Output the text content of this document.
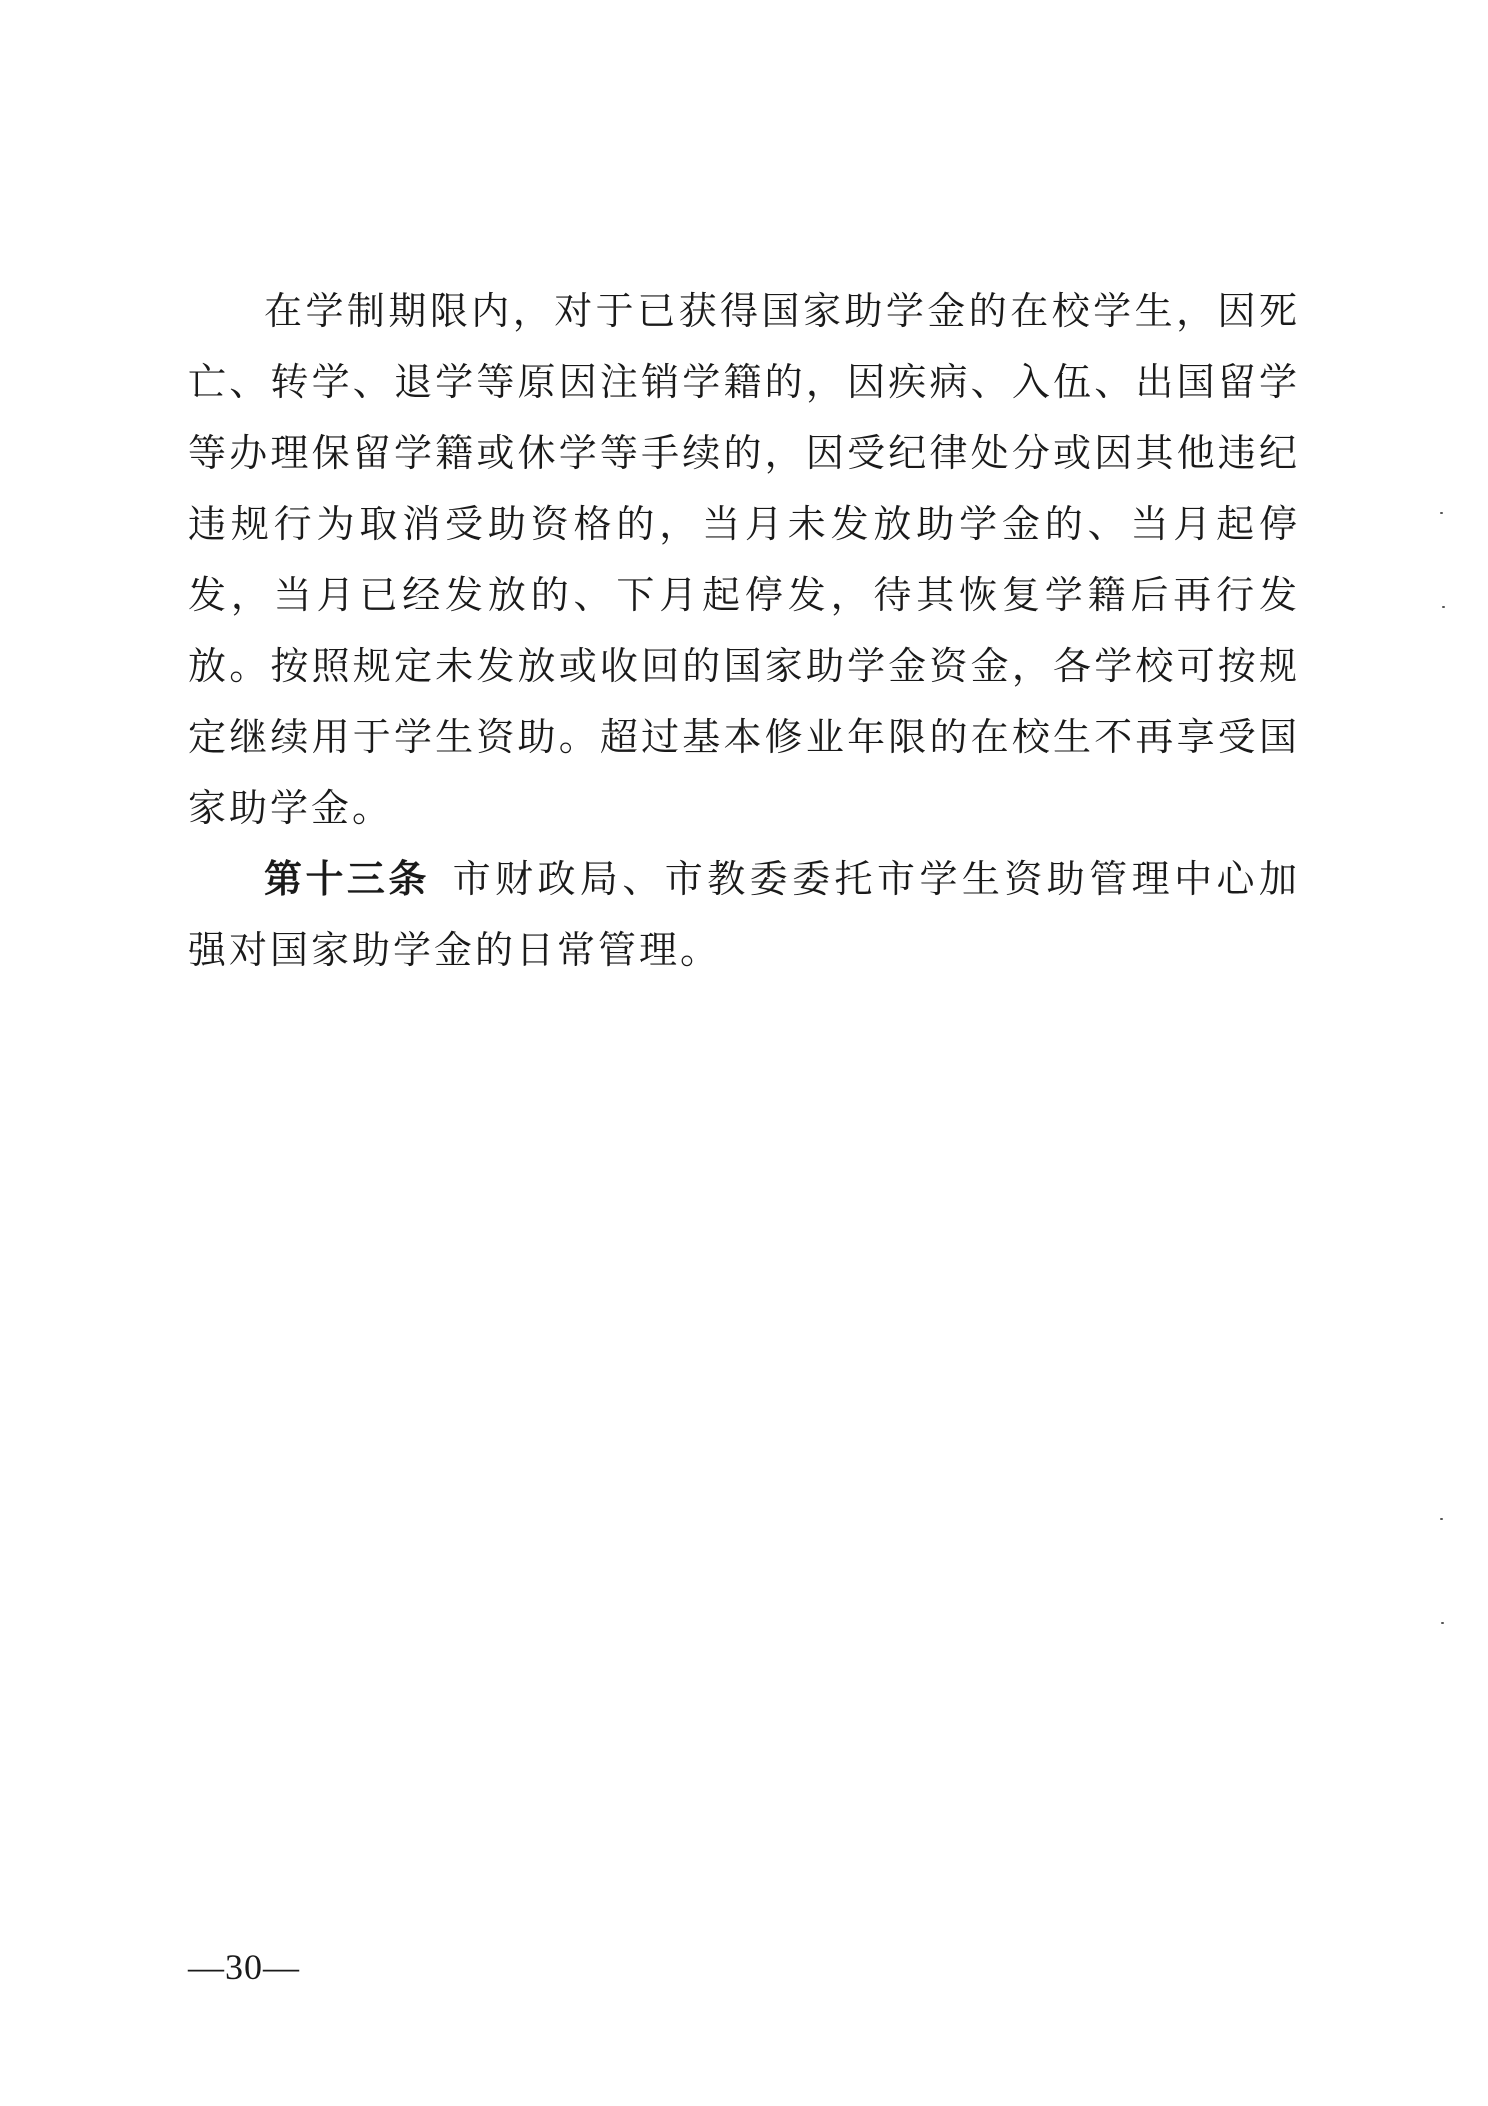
在学制期限内，对于已获得国家助学金的在校学生，因死亡、转学、退学等原因注销学籍的，因疾病、入伍、出国留学等办理保留学籍或休学等手续的，因受纪律处分或因其他违纪违规行为取消受助资格的，当月未发放助学金的、当月起停发，当月已经发放的、下月起停发，待其恢复学籍后再行发放。按照规定未发放或收回的国家助学金资金，各学校可按规定继续用于学生资助。超过基本修业年限的在校生不再享受国家助学金。

第十三条 市财政局、市教委委托市学生资助管理中心加强对国家助学金的日常管理。

—30—
